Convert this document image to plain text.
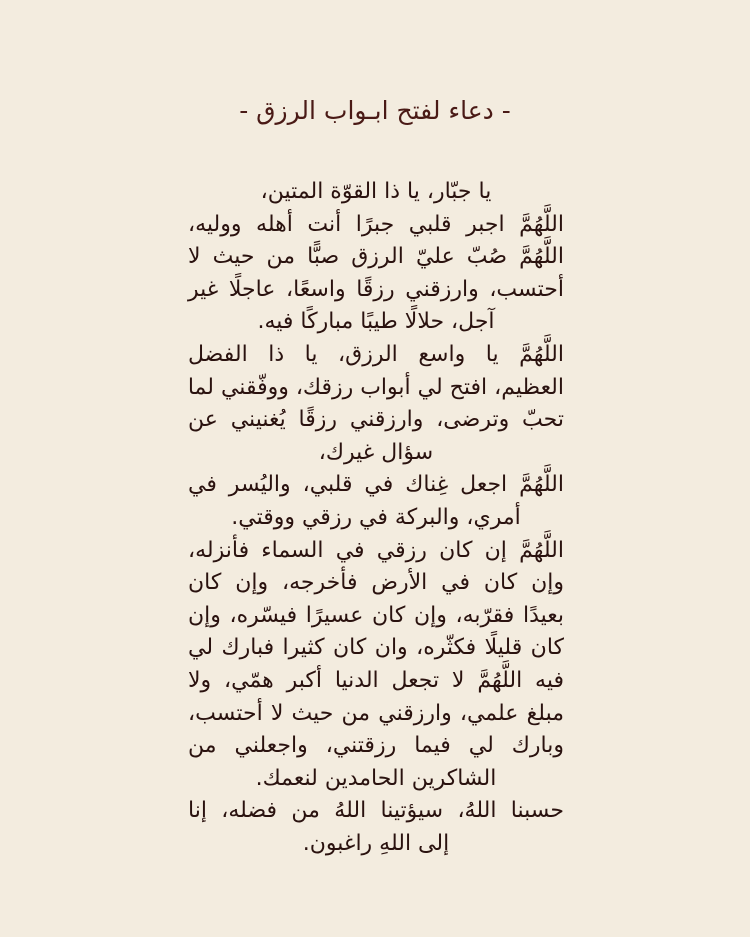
- دعاء لفتح ابـواب الرزق -
يا جبّار، يا ذا القوّة المتين،
اللَّهُمَّ اجبر قلبي جبرًا أنت أهله ووليه،
اللَّهُمَّ صُبّ عليّ الرزق صبًّا من حيث لا
أحتسب، وارزقني رزقًا واسعًا، عاجلًا غير
آجل، حلالًا طيبًا مباركًا فيه.
اللَّهُمَّ يا واسع الرزق، يا ذا الفضل
العظيم، افتح لي أبواب رزقك، ووفّقني لما
تحبّ وترضى، وارزقني رزقًا يُغنيني عن
سؤال غيرك،
اللَّهُمَّ اجعل غِناك في قلبي، واليُسر في
أمري، والبركة في رزقي ووقتي.
اللَّهُمَّ إن كان رزقي في السماء فأنزله،
وإن كان في الأرض فأخرجه، وإن كان
بعيدًا فقرّبه، وإن كان عسيرًا فيسّره، وإن
كان قليلًا فكثّره، وان كان كثيرا فبارك لي
فيه اللَّهُمَّ لا تجعل الدنيا أكبر همّي، ولا
مبلغ علمي، وارزقني من حيث لا أحتسب،
وبارك لي فيما رزقتني، واجعلني من
الشاكرين الحامدين لنعمك.
حسبنا اللهُ، سيؤتينا اللهُ من فضله، إنا
إلى اللهِ راغبون.
